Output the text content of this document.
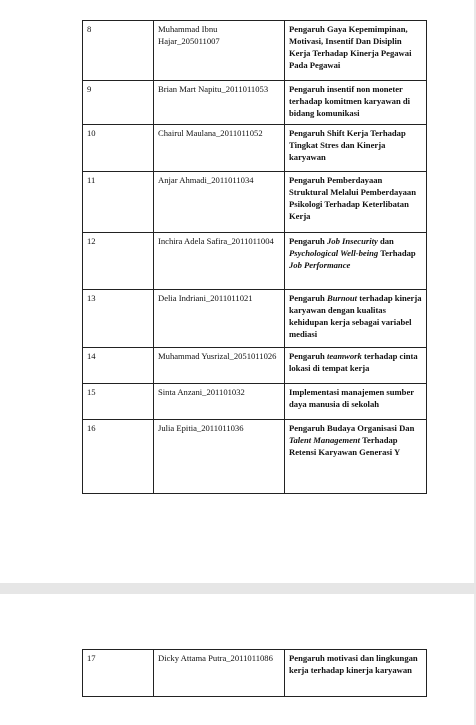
8	Muhammad Ibnu Hajar_205011007	Pengaruh Gaya Kepemimpinan, Motivasi, Insentif Dan Disiplin Kerja Terhadap Kinerja Pegawai Pada Pegawai
9	Brian Mart Napitu_2011011053	Pengaruh insentif non moneter terhadap komitmen karyawan di bidang komunikasi
10	Chairul Maulana_2011011052	Pengaruh Shift Kerja Terhadap Tingkat Stres dan Kinerja karyawan
11	Anjar Ahmadi_2011011034	Pengaruh Pemberdayaan Struktural Melalui Pemberdayaan Psikologi Terhadap Keterlibatan Kerja
12	Inchira Adela Safira_2011011004	Pengaruh Job Insecurity dan Psychological Well-being Terhadap Job Performance
13	Delia Indriani_2011011021	Pengaruh Burnout terhadap kinerja karyawan dengan kualitas kehidupan kerja sebagai variabel mediasi
14	Muhammad Yusrizal_2051011026	Pengaruh teamwork terhadap cinta lokasi di tempat kerja
15	Sinta Anzani_201101032	Implementasi manajemen sumber daya manusia di sekolah
16	Julia Epitia_2011011036	Pengaruh Budaya Organisasi Dan Talent Management Terhadap Retensi Karyawan Generasi Y
17	Dicky Attama Putra_2011011086	Pengaruh motivasi dan lingkungan kerja terhadap kinerja karyawan
